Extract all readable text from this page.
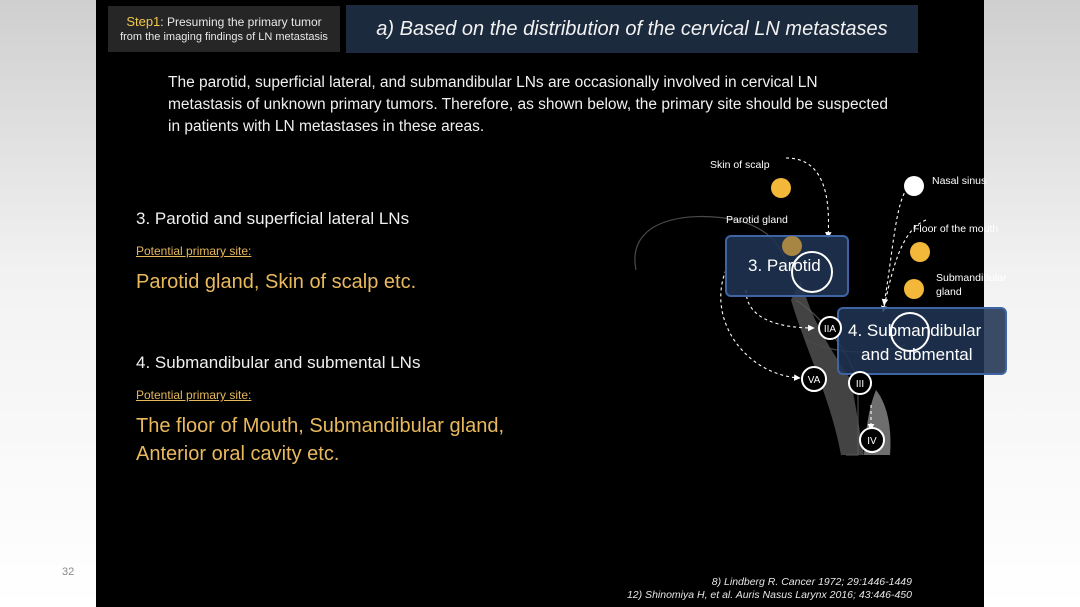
32
Step1: Presuming the primary tumor
from the imaging findings of LN metastasis	a) Based on the distribution of the cervical LN metastases
The parotid, superficial lateral, and submandibular LNs are occasionally involved in cervical LN metastasis of unknown primary tumors. Therefore, as shown below, the primary site should be suspected in patients with LN metastases in these areas.
3. Parotid and superficial lateral LNs
Potential primary site:
Parotid gland, Skin of scalp etc.
4. Submandibular and submental LNs
Potential primary site:
The floor of Mouth, Submandibular gland,
Anterior oral cavity etc.
3. Parotid
4. Submandibular
and submental
Skin of scalp
Parotid gland
Nasal sinus
Floor of the mouth
Submandibular
gland
IIA
VA	III
IV
8) Lindberg R. Cancer 1972; 29:1446-1449
12) Shinomiya H, et al. Auris Nasus Larynx 2016; 43:446-450
